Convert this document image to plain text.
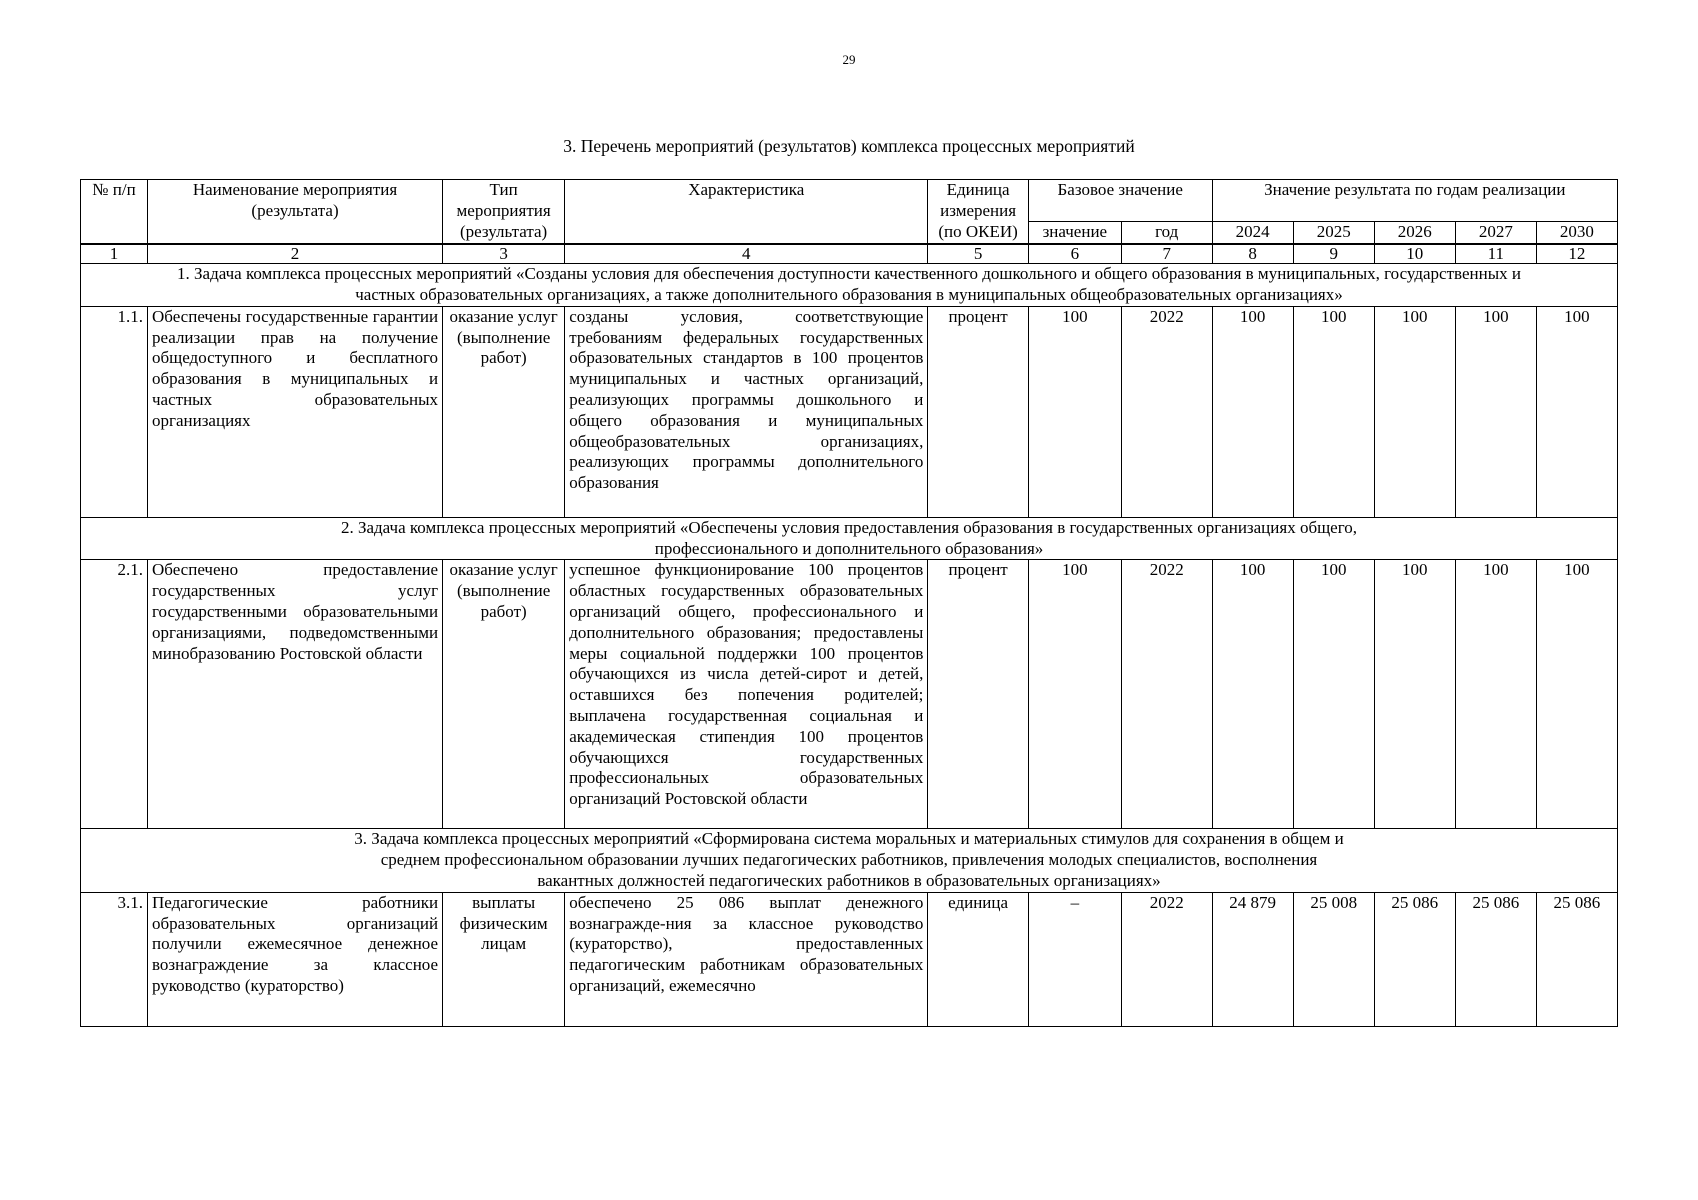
29
3. Перечень мероприятий (результатов) комплекса процессных мероприятий
№ п/п	Наименование мероприятия (результата)	Тип мероприятия (результата)	Характеристика	Единица измерения (по ОКЕИ)	Базовое значение		Значение результата по годам реализации				
					значение	год	2024	2025	2026	2027	2030
1	2	3	4	5	6	7	8	9	10	11	12
1. Задача комплекса процессных мероприятий «Созданы условия для обеспечения доступности качественного дошкольного и общего образования в муниципальных, государственных и частных образовательных организациях, а также дополнительного образования в муниципальных общеобразовательных организациях»											
1.1.	Обеспечены государственные гарантии реализации прав на получение общедоступного и бесплатного образования в муниципальных и частных образовательных организациях	оказание услуг (выполнение работ)	созданы условия, соответствующие требованиям федеральных государственных образовательных стандартов в 100 процентов муниципальных и частных организаций, реализующих программы дошкольного и общего образования и муниципальных общеобразовательных организациях, реализующих программы дополнительного образования	процент	100	2022	100	100	100	100	100
2. Задача комплекса процессных мероприятий «Обеспечены условия предоставления образования в государственных организациях общего, профессионального и дополнительного образования»											
2.1.	Обеспечено предоставление государственных услуг государственными образовательными организациями, подведомственными минобразованию Ростовской области	оказание услуг (выполнение работ)	успешное функционирование 100 процентов областных государственных образовательных организаций общего, профессионального и дополнительного образования; предоставлены меры социальной поддержки 100 процентов обучающихся из числа детей-сирот и детей, оставшихся без попечения родителей; выплачена государственная социальная и академическая стипендия 100 процентов обучающихся государственных профессиональных образовательных организаций Ростовской области	процент	100	2022	100	100	100	100	100
3. Задача комплекса процессных мероприятий «Сформирована система моральных и материальных стимулов для сохранения в общем и среднем профессиональном образовании лучших педагогических работников, привлечения молодых специалистов, восполнения вакантных должностей педагогических работников в образовательных организациях»											
3.1.	Педагогические работники образовательных организаций получили ежемесячное денежное вознаграждение за классное руководство (кураторство)	выплаты физическим лицам	обеспечено 25 086 выплат денежного вознагражде-ния за классное руководство (кураторство), предоставленных педагогическим работникам образовательных организаций, ежемесячно	единица	–	2022	24 879	25 008	25 086	25 086	25 086
